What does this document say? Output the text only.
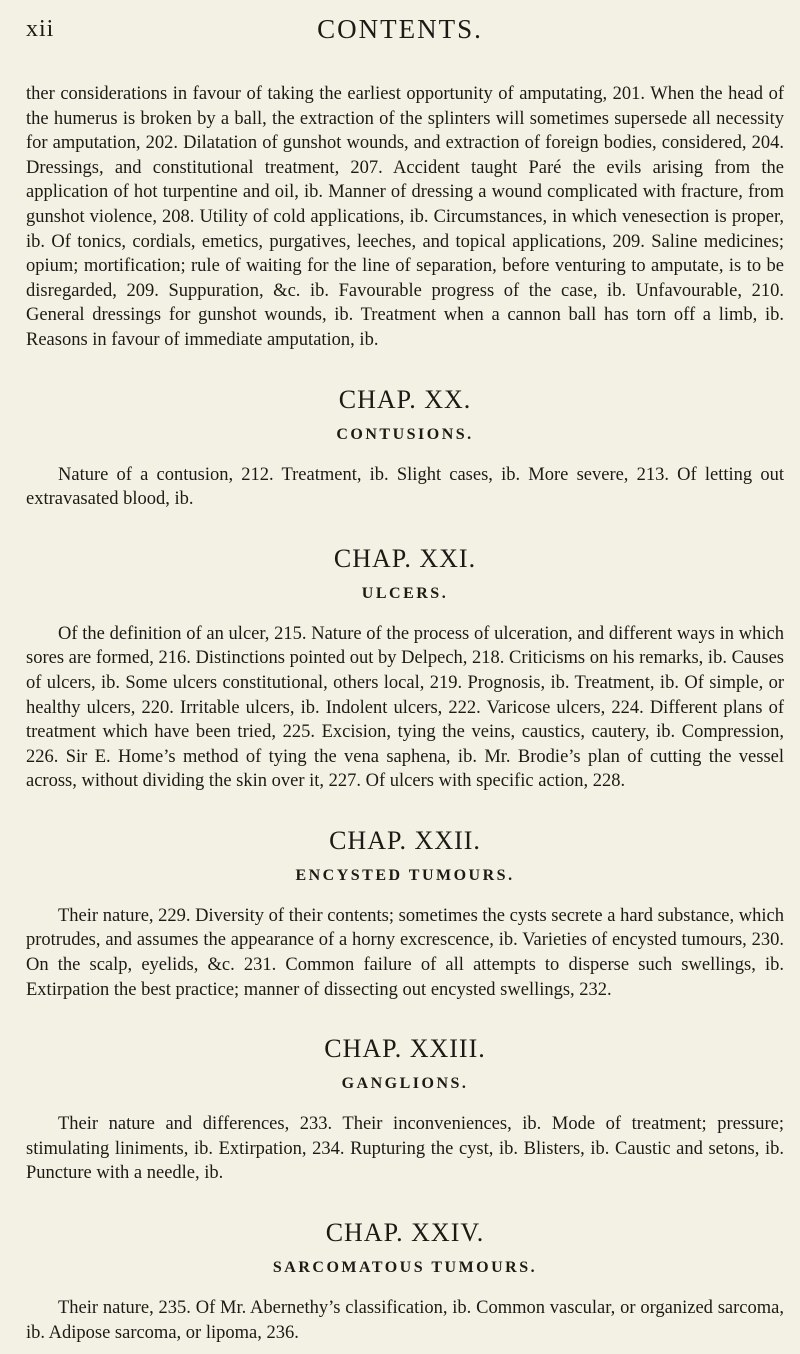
xii	CONTENTS.

ther considerations in favour of taking the earliest opportunity of amputating, 201. When the head of the humerus is broken by a ball, the extraction of the splinters will sometimes supersede all necessity for amputation, 202. Dilatation of gunshot wounds, and extraction of foreign bodies, considered, 204. Dressings, and constitutional treatment, 207. Accident taught Paré the evils arising from the application of hot turpentine and oil, ib. Manner of dressing a wound complicated with fracture, from gunshot violence, 208. Utility of cold applications, ib. Circumstances, in which venesection is proper, ib. Of tonics, cordials, emetics, purgatives, leeches, and topical applications, 209. Saline medicines; opium; mortification; rule of waiting for the line of separation, before venturing to amputate, is to be disregarded, 209. Suppuration, &c. ib. Favourable progress of the case, ib. Unfavourable, 210. General dressings for gunshot wounds, ib. Treatment when a cannon ball has torn off a limb, ib. Reasons in favour of immediate amputation, ib.

CHAP. XX.
CONTUSIONS.

Nature of a contusion, 212. Treatment, ib. Slight cases, ib. More severe, 213. Of letting out extravasated blood, ib.

CHAP. XXI.
ULCERS.

Of the definition of an ulcer, 215. Nature of the process of ulceration, and different ways in which sores are formed, 216. Distinctions pointed out by Delpech, 218. Criticisms on his remarks, ib. Causes of ulcers, ib. Some ulcers constitutional, others local, 219. Prognosis, ib. Treatment, ib. Of simple, or healthy ulcers, 220. Irritable ulcers, ib. Indolent ulcers, 222. Varicose ulcers, 224. Different plans of treatment which have been tried, 225. Excision, tying the veins, caustics, cautery, ib. Compression, 226. Sir E. Home’s method of tying the vena saphena, ib. Mr. Brodie’s plan of cutting the vessel across, without dividing the skin over it, 227. Of ulcers with specific action, 228.

CHAP. XXII.
ENCYSTED TUMOURS.

Their nature, 229. Diversity of their contents; sometimes the cysts secrete a hard substance, which protrudes, and assumes the appearance of a horny excrescence, ib. Varieties of encysted tumours, 230. On the scalp, eyelids, &c. 231. Common failure of all attempts to disperse such swellings, ib. Extirpation the best practice; manner of dissecting out encysted swellings, 232.

CHAP. XXIII.
GANGLIONS.

Their nature and differences, 233. Their inconveniences, ib. Mode of treatment; pressure; stimulating liniments, ib. Extirpation, 234. Rupturing the cyst, ib. Blisters, ib. Caustic and setons, ib. Puncture with a needle, ib.

CHAP. XXIV.
SARCOMATOUS TUMOURS.

Their nature, 235. Of Mr. Abernethy’s classification, ib. Common vascular, or organized sarcoma, ib. Adipose sarcoma, or lipoma, 236.
